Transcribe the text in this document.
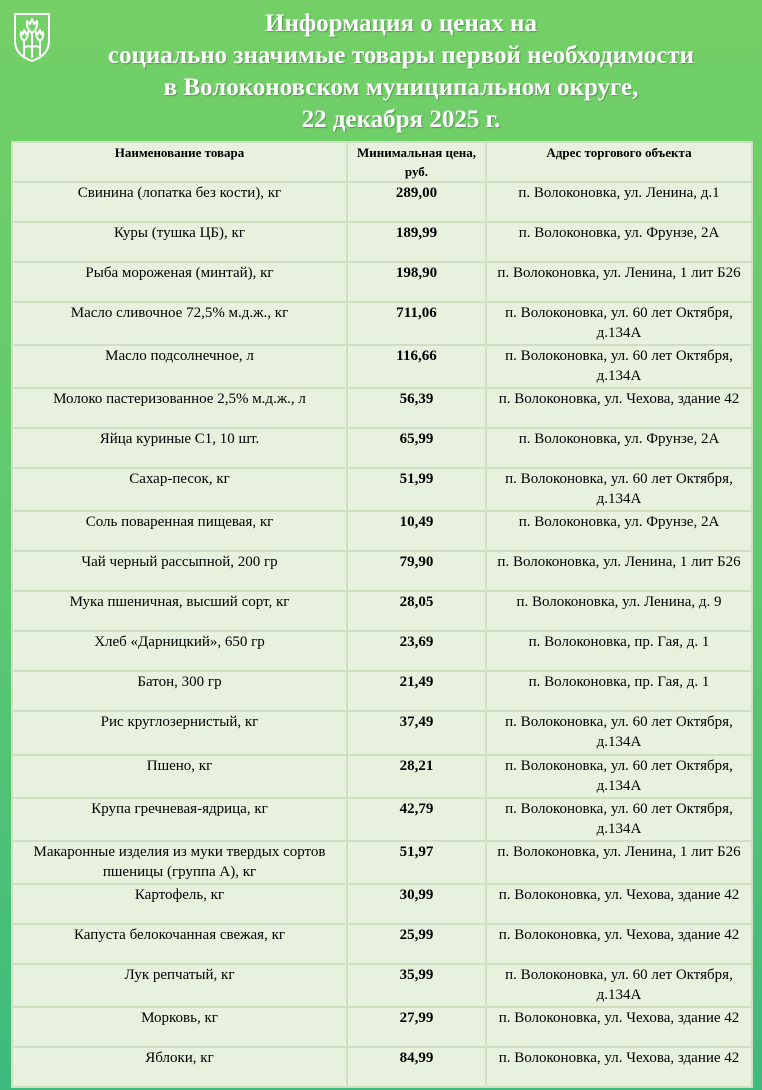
Информация о ценах на
социально значимые товары первой необходимости
в Волоконовском муниципальном округе,
22 декабря 2025 г.
Наименование товара	Минимальная цена, руб.	Адрес торгового объекта
Свинина (лопатка без кости), кг	289,00	п. Волоконовка, ул. Ленина, д.1
Куры (тушка ЦБ), кг	189,99	п. Волоконовка, ул. Фрунзе, 2А
Рыба мороженая (минтай), кг	198,90	п. Волоконовка, ул. Ленина, 1 лит Б26
Масло сливочное 72,5% м.д.ж., кг	711,06	п. Волоконовка, ул. 60 лет Октября, д.134А
Масло подсолнечное, л	116,66	п. Волоконовка, ул. 60 лет Октября, д.134А
Молоко пастеризованное 2,5% м.д.ж., л	56,39	п. Волоконовка, ул. Чехова, здание 42
Яйца куриные С1, 10 шт.	65,99	п. Волоконовка, ул. Фрунзе, 2А
Сахар-песок, кг	51,99	п. Волоконовка, ул. 60 лет Октября, д.134А
Соль поваренная пищевая, кг	10,49	п. Волоконовка, ул. Фрунзе, 2А
Чай черный рассыпной, 200 гр	79,90	п. Волоконовка, ул. Ленина, 1 лит Б26
Мука пшеничная, высший сорт, кг	28,05	п. Волоконовка, ул. Ленина, д. 9
Хлеб «Дарницкий», 650 гр	23,69	п. Волоконовка, пр. Гая, д. 1
Батон, 300 гр	21,49	п. Волоконовка, пр. Гая, д. 1
Рис круглозернистый, кг	37,49	п. Волоконовка, ул. 60 лет Октября, д.134А
Пшено, кг	28,21	п. Волоконовка, ул. 60 лет Октября, д.134А
Крупа гречневая-ядрица, кг	42,79	п. Волоконовка, ул. 60 лет Октября, д.134А
Макаронные изделия из муки твердых сортов пшеницы (группа А), кг	51,97	п. Волоконовка, ул. Ленина, 1 лит Б26
Картофель, кг	30,99	п. Волоконовка, ул. Чехова, здание 42
Капуста белокочанная свежая, кг	25,99	п. Волоконовка, ул. Чехова, здание 42
Лук репчатый, кг	35,99	п. Волоконовка, ул. 60 лет Октября, д.134А
Морковь, кг	27,99	п. Волоконовка, ул. Чехова, здание 42
Яблоки, кг	84,99	п. Волоконовка, ул. Чехова, здание 42
